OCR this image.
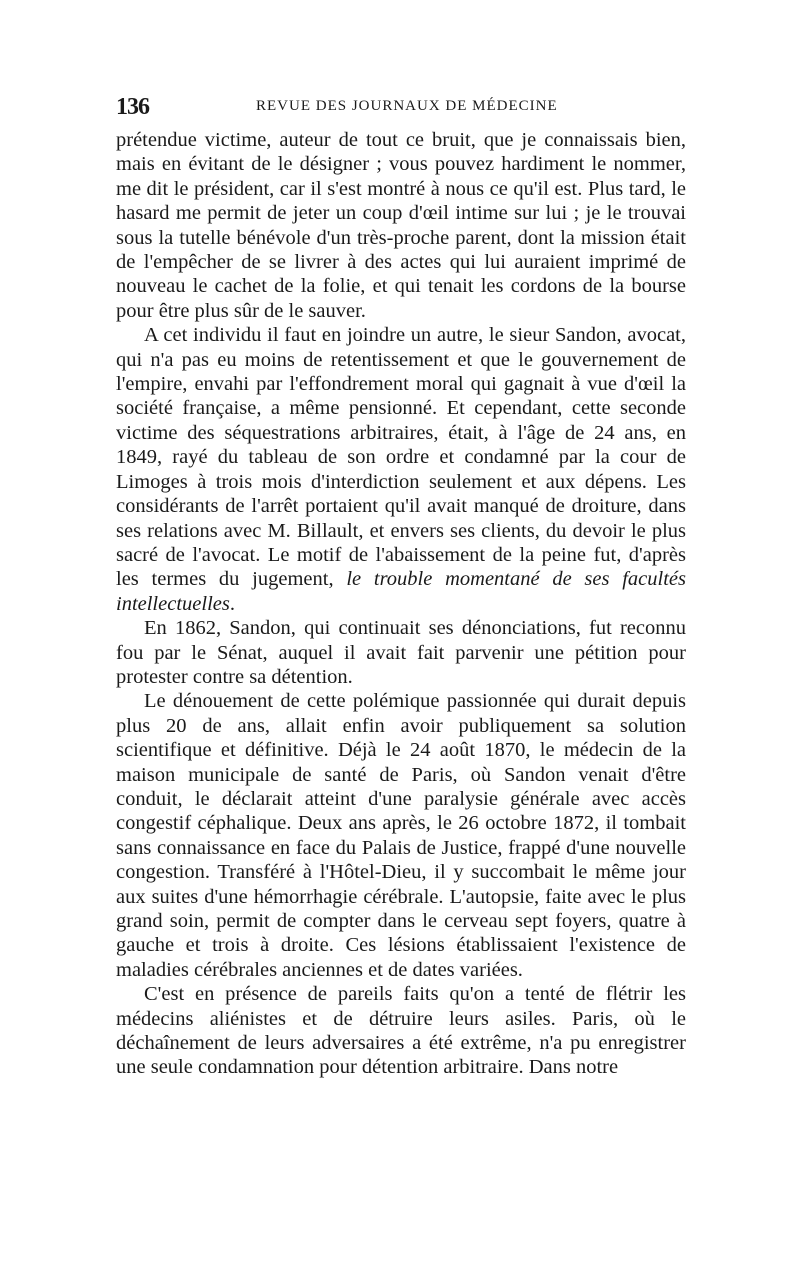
136	REVUE DES JOURNAUX DE MÉDECINE

prétendue victime, auteur de tout ce bruit, que je connaissais bien, mais en évitant de le désigner ; vous pouvez hardiment le nommer, me dit le président, car il s'est montré à nous ce qu'il est. Plus tard, le hasard me permit de jeter un coup d'œil intime sur lui ; je le trouvai sous la tutelle bénévole d'un très-proche parent, dont la mission était de l'empêcher de se livrer à des actes qui lui auraient imprimé de nouveau le cachet de la folie, et qui tenait les cordons de la bourse pour être plus sûr de le sauver.

A cet individu il faut en joindre un autre, le sieur Sandon, avocat, qui n'a pas eu moins de retentissement et que le gouvernement de l'empire, envahi par l'effondrement moral qui gagnait à vue d'œil la société française, a même pensionné. Et cependant, cette seconde victime des séquestrations arbitraires, était, à l'âge de 24 ans, en 1849, rayé du tableau de son ordre et condamné par la cour de Limoges à trois mois d'interdiction seulement et aux dépens. Les considérants de l'arrêt portaient qu'il avait manqué de droiture, dans ses relations avec M. Billault, et envers ses clients, du devoir le plus sacré de l'avocat. Le motif de l'abaissement de la peine fut, d'après les termes du jugement, le trouble momentané de ses facultés intellectuelles.

En 1862, Sandon, qui continuait ses dénonciations, fut reconnu fou par le Sénat, auquel il avait fait parvenir une pétition pour protester contre sa détention.

Le dénouement de cette polémique passionnée qui durait depuis plus 20 de ans, allait enfin avoir publiquement sa solution scientifique et définitive. Déjà le 24 août 1870, le médecin de la maison municipale de santé de Paris, où Sandon venait d'être conduit, le déclarait atteint d'une paralysie générale avec accès congestif céphalique. Deux ans après, le 26 octobre 1872, il tombait sans connaissance en face du Palais de Justice, frappé d'une nouvelle congestion. Transféré à l'Hôtel-Dieu, il y succombait le même jour aux suites d'une hémorrhagie cérébrale. L'autopsie, faite avec le plus grand soin, permit de compter dans le cerveau sept foyers, quatre à gauche et trois à droite. Ces lésions établissaient l'existence de maladies cérébrales anciennes et de dates variées.

C'est en présence de pareils faits qu'on a tenté de flétrir les médecins aliénistes et de détruire leurs asiles. Paris, où le déchaînement de leurs adversaires a été extrême, n'a pu enregistrer une seule condamnation pour détention arbitraire. Dans notre
